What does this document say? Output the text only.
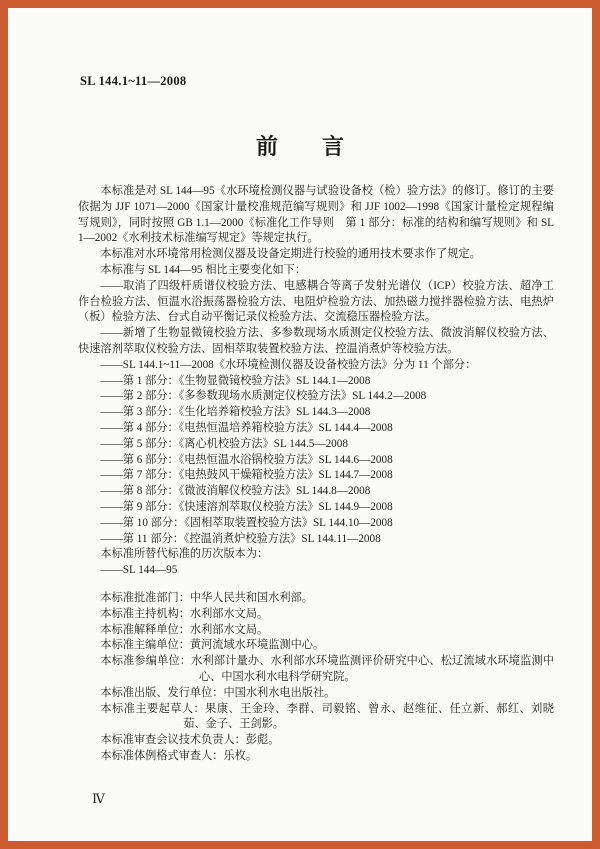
SL 144.1~11—2008
前　　言

本标准是对 SL 144—95《水环境检测仪器与试验设备校（检）验方法》的修订。修订的主要依据为 JJF 1071—2000《国家计量校准规范编写规则》和 JJF 1002—1998《国家计量检定规程编写规则》，同时按照 GB 1.1—2000《标准化工作导则　第 1 部分：标准的结构和编写规则》和 SL 1—2002《水利技术标准编写规定》等规定执行。

本标准对水环境常用检测仪器及设备定期进行校验的通用技术要求作了规定。

本标准与 SL 144—95 相比主要变化如下：

——取消了四级杆质谱仪校验方法、电感耦合等离子发射光谱仪（ICP）校验方法、超净工作台检验方法、恒温水浴振荡器检验方法、电阻炉检验方法、加热磁力搅拌器检验方法、电热炉（板）检验方法、台式自动平衡记录仪检验方法、交流稳压器检验方法。

——新增了生物显微镜校验方法、多参数现场水质测定仪校验方法、微波消解仪校验方法、快速溶剂萃取仪校验方法、固相萃取装置校验方法、控温消煮炉等校验方法。

——SL 144.1~11—2008《水环境检测仪器及设备校验方法》分为 11 个部分：

——第 1 部分：《生物显微镜校验方法》SL 144.1—2008

——第 2 部分：《多参数现场水质测定仪校验方法》SL 144.2—2008

——第 3 部分：《生化培养箱校验方法》SL 144.3—2008

——第 4 部分：《电热恒温培养箱校验方法》SL 144.4—2008

——第 5 部分：《离心机校验方法》SL 144.5—2008

——第 6 部分：《电热恒温水浴锅校验方法》SL 144.6—2008

——第 7 部分：《电热鼓风干燥箱校验方法》SL 144.7—2008

——第 8 部分：《微波消解仪校验方法》SL 144.8—2008

——第 9 部分：《快速溶剂萃取仪校验方法》SL 144.9—2008

——第 10 部分：《固相萃取装置校验方法》SL 144.10—2008

——第 11 部分：《控温消煮炉校验方法》SL 144.11—2008

本标准所替代标准的历次版本为：

——SL 144—95

本标准批准部门：中华人民共和国水利部。

本标准主持机构：水利部水文局。

本标准解释单位：水利部水文局。

本标准主编单位：黄河流域水环境监测中心。

本标准参编单位：水利部计量办、水利部水环境监测评价研究中心、松辽流域水环境监测中心、中国水利水电科学研究院。

本标准出版、发行单位：中国水利水电出版社。

本标准主要起草人：果康、王金玲、李群、司毅铭、曾永、赵维征、任立新、郝红、刘晓茹、金子、王剑影。

本标准审查会议技术负责人：彭彪。

本标准体例格式审查人：乐枚。

Ⅳ
